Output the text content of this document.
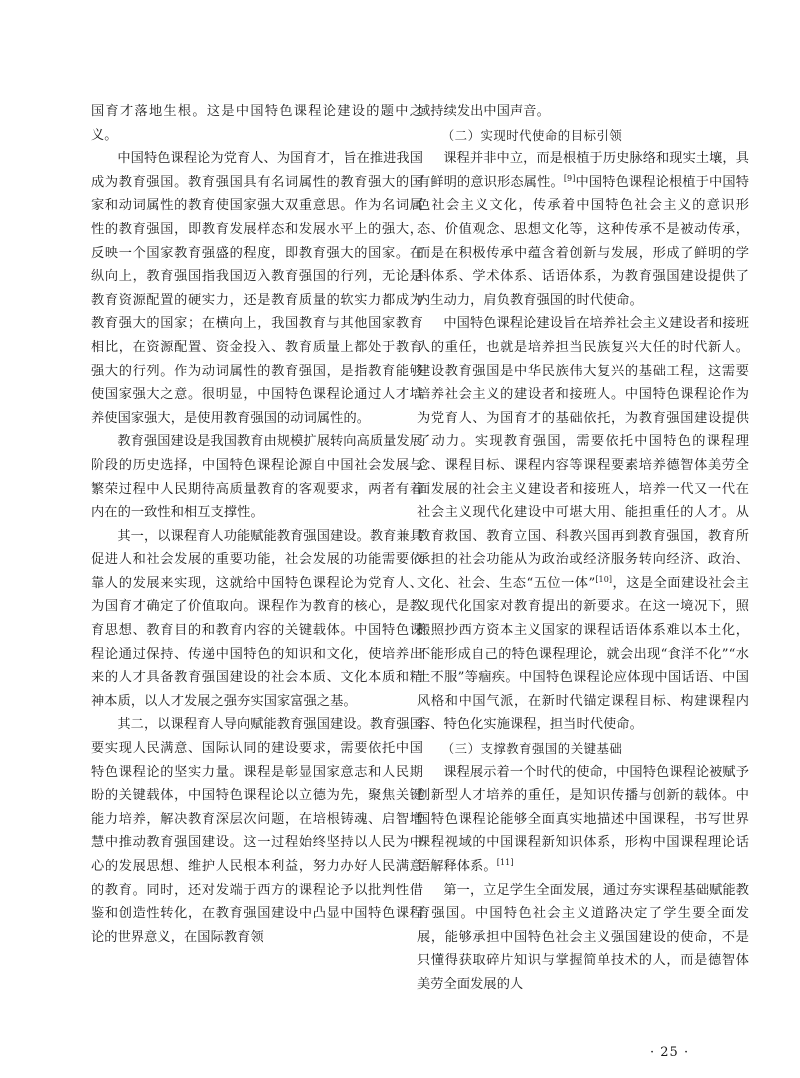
国育才落地生根。这是中国特色课程论建设的题中之义。

中国特色课程论为党育人、为国育才，旨在推进我国成为教育强国。教育强国具有名词属性的教育强大的国家和动词属性的教育使国家强大双重意思。作为名词属性的教育强国，即教育发展样态和发展水平上的强大，反映一个国家教育强盛的程度，即教育强大的国家。在纵向上，教育强国指我国迈入教育强国的行列，无论是教育资源配置的硬实力，还是教育质量的软实力都成为教育强大的国家；在横向上，我国教育与其他国家教育相比，在资源配置、资金投入、教育质量上都处于教育强大的行列。作为动词属性的教育强国，是指教育能够使国家强大之意。很明显，中国特色课程论通过人才培养使国家强大，是使用教育强国的动词属性的。

教育强国建设是我国教育由规模扩展转向高质量发展阶段的历史选择，中国特色课程论源自中国社会发展与繁荣过程中人民期待高质量教育的客观要求，两者有着内在的一致性和相互支撑性。

其一，以课程育人功能赋能教育强国建设。教育兼具促进人和社会发展的重要功能，社会发展的功能需要依靠人的发展来实现，这就给中国特色课程论为党育人、为国育才确定了价值取向。课程作为教育的核心，是教育思想、教育目的和教育内容的关键载体。中国特色课程论通过保持、传递中国特色的知识和文化，使培养出来的人才具备教育强国建设的社会本质、文化本质和精神本质，以人才发展之强夯实国家富强之基。

其二，以课程育人导向赋能教育强国建设。教育强国要实现人民满意、国际认同的建设要求，需要依托中国特色课程论的坚实力量。课程是彰显国家意志和人民期盼的关键载体，中国特色课程论以立德为先，聚焦关键能力培养，解决教育深层次问题，在培根铸魂、启智增慧中推动教育强国建设。这一过程始终坚持以人民为中心的发展思想、维护人民根本利益，努力办好人民满意的教育。同时，还对发端于西方的课程论予以批判性借鉴和创造性转化，在教育强国建设中凸显中国特色课程论的世界意义，在国际教育领

域持续发出中国声音。

（二）实现时代使命的目标引领

课程并非中立，而是根植于历史脉络和现实土壤，具有鲜明的意识形态属性。[9]中国特色课程论根植于中国特色社会主义文化，传承着中国特色社会主义的意识形态、价值观念、思想文化等，这种传承不是被动传承，而是在积极传承中蕴含着创新与发展，形成了鲜明的学科体系、学术体系、话语体系，为教育强国建设提供了内生动力，肩负教育强国的时代使命。

中国特色课程论建设旨在培养社会主义建设者和接班人的重任，也就是培养担当民族复兴大任的时代新人。建设教育强国是中华民族伟大复兴的基础工程，这需要培养社会主义的建设者和接班人。中国特色课程论作为为党育人、为国育才的基础依托，为教育强国建设提供了动力。实现教育强国，需要依托中国特色的课程理念、课程目标、课程内容等课程要素培养德智体美劳全面发展的社会主义建设者和接班人，培养一代又一代在社会主义现代化建设中可堪大用、能担重任的人才。从教育救国、教育立国、科教兴国再到教育强国，教育所承担的社会功能从为政治或经济服务转向经济、政治、文化、社会、生态“五位一体”[10]，这是全面建设社会主义现代化国家对教育提出的新要求。在这一境况下，照搬照抄西方资本主义国家的课程话语体系难以本土化，不能形成自己的特色课程理论，就会出现“食洋不化”“水土不服”等痼疾。中国特色课程论应体现中国话语、中国风格和中国气派，在新时代锚定课程目标、构建课程内容、特色化实施课程，担当时代使命。

（三）支撑教育强国的关键基础

课程展示着一个时代的使命，中国特色课程论被赋予创新型人才培养的重任，是知识传播与创新的载体。中国特色课程论能够全面真实地描述中国课程，书写世界课程视域的中国课程新知识体系，形构中国课程理论话语解释体系。[11]

第一，立足学生全面发展，通过夯实课程基础赋能教育强国。中国特色社会主义道路决定了学生要全面发展，能够承担中国特色社会主义强国建设的使命，不是只懂得获取碎片知识与掌握简单技术的人，而是德智体美劳全面发展的人

· 25 ·
